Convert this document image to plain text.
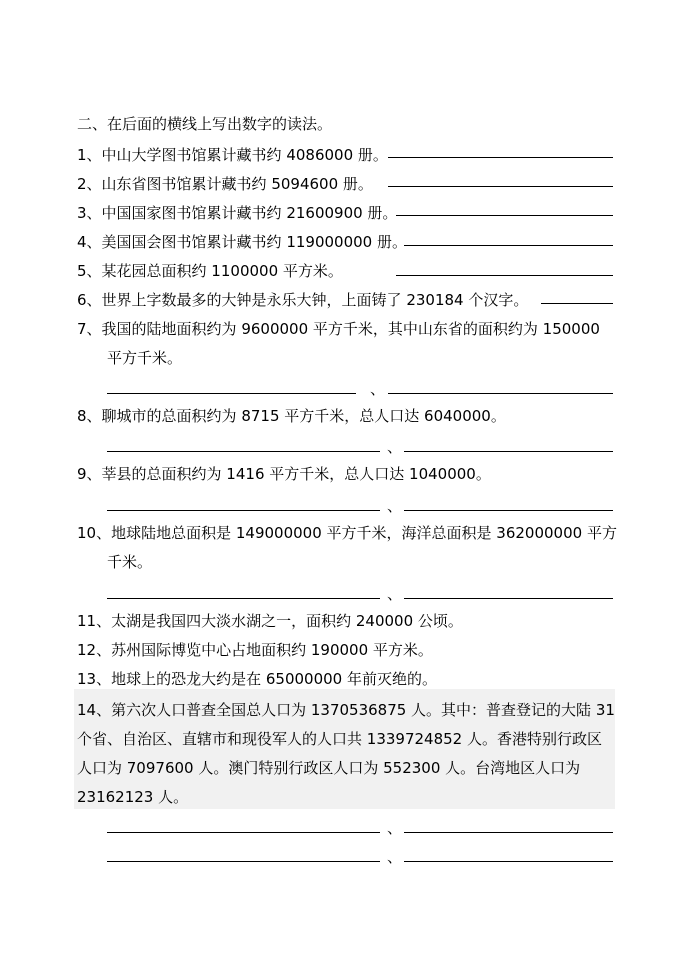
二、在后面的横线上写出数字的读法。
1、中山大学图书馆累计藏书约 4086000 册。
2、山东省图书馆累计藏书约 5094600 册。
3、中国国家图书馆累计藏书约 21600900 册。
4、美国国会图书馆累计藏书约 119000000 册。
5、某花园总面积约 1100000 平方米。
6、世界上字数最多的大钟是永乐大钟，上面铸了 230184 个汉字。
7、我国的陆地面积约为 9600000 平方千米，其中山东省的面积约为 150000
平方千米。
、
8、聊城市的总面积约为 8715 平方千米，总人口达 6040000。
、
9、莘县的总面积约为 1416 平方千米，总人口达 1040000。
、
10、地球陆地总面积是 149000000 平方千米，海洋总面积是 362000000 平方
千米。
、
11、太湖是我国四大淡水湖之一，面积约 240000 公顷。
12、苏州国际博览中心占地面积约 190000 平方米。
13、地球上的恐龙大约是在 65000000 年前灭绝的。
14、第六次人口普查全国总人口为 1370536875 人。其中：普查登记的大陆 31
个省、自治区、直辖市和现役军人的人口共 1339724852 人。香港特别行政区
人口为 7097600 人。澳门特别行政区人口为 552300 人。台湾地区人口为
23162123 人。
、
、
